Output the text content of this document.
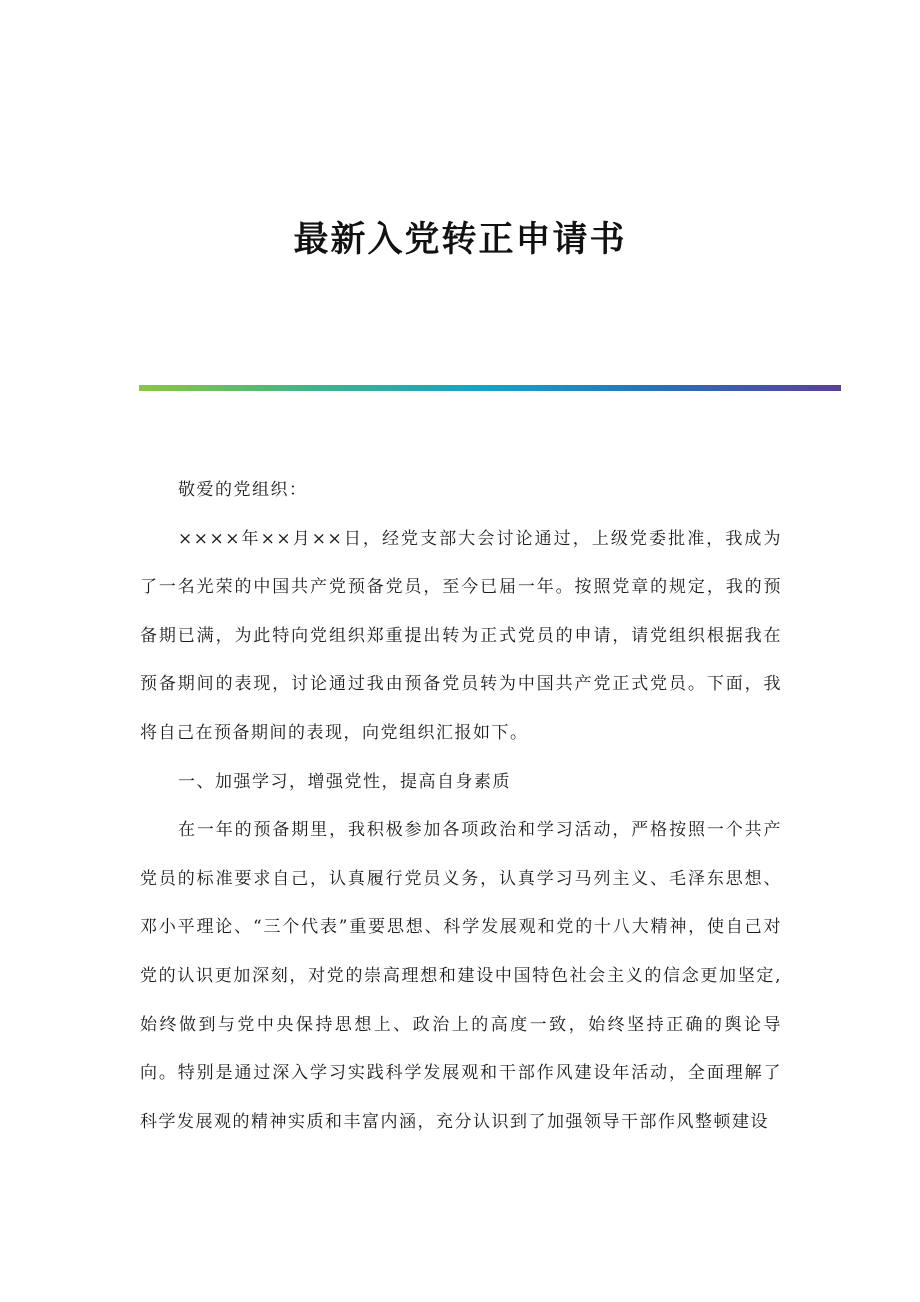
最新入党转正申请书

敬爱的党组织：

××××年××月××日，经党支部大会讨论通过，上级党委批准，我成为了一名光荣的中国共产党预备党员，至今已届一年。按照党章的规定，我的预备期已满，为此特向党组织郑重提出转为正式党员的申请，请党组织根据我在预备期间的表现，讨论通过我由预备党员转为中国共产党正式党员。下面，我将自己在预备期间的表现，向党组织汇报如下。

一、加强学习，增强党性，提高自身素质

在一年的预备期里，我积极参加各项政治和学习活动，严格按照一个共产党员的标准要求自己，认真履行党员义务，认真学习马列主义、毛泽东思想、邓小平理论、“三个代表”重要思想、科学发展观和党的十八大精神，使自己对党的认识更加深刻，对党的崇高理想和建设中国特色社会主义的信念更加坚定,始终做到与党中央保持思想上、政治上的高度一致，始终坚持正确的舆论导向。特别是通过深入学习实践科学发展观和干部作风建设年活动，全面理解了科学发展观的精神实质和丰富内涵，充分认识到了加强领导干部作风整顿建设
